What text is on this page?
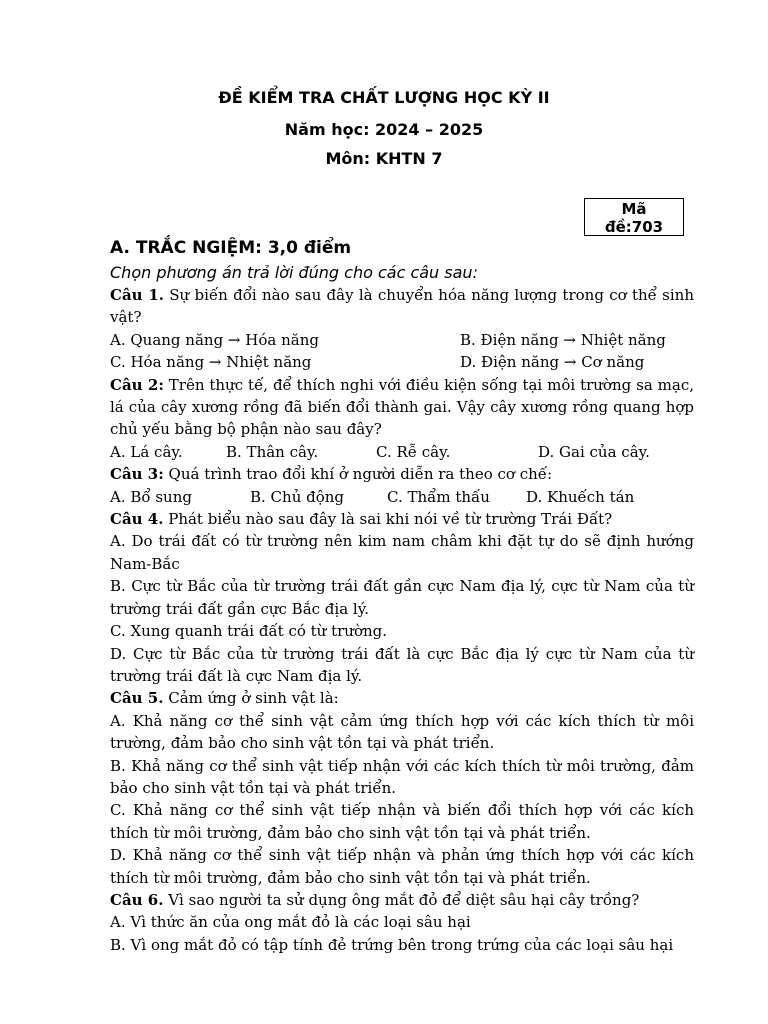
ĐỀ KIỂM TRA CHẤT LƯỢNG HỌC KỲ II
Năm học: 2024 – 2025
Môn: KHTN 7
Mã
đề:703
A. TRẮC NGIỆM: 3,0 điểm
Chọn phương án trả lời đúng cho các câu sau:

Câu 1. Sự biến đổi nào sau đây là chuyển hóa năng lượng trong cơ thể sinh vật?

A. Quang năng → Hóa năng	B. Điện năng → Nhiệt năng
C. Hóa năng → Nhiệt năng	D. Điện năng → Cơ năng

Câu 2: Trên thực tế, để thích nghi với điều kiện sống tại môi trường sa mạc, lá của cây xương rồng đã biến đổi thành gai. Vậy cây xương rồng quang hợp chủ yếu bằng bộ phận nào sau đây?

A. Lá cây.	B. Thân cây.	C. Rễ cây.	D. Gai của cây.

Câu 3: Quá trình trao đổi khí ở người diễn ra theo cơ chế:

A. Bổ sung	B. Chủ động	C. Thẩm thấu	D. Khuếch tán

Câu 4. Phát biểu nào sau đây là sai khi nói về từ trường Trái Đất?

A. Do trái đất có từ trường nên kim nam châm khi đặt tự do sẽ định hướng Nam-Bắc

B. Cực từ Bắc của từ trường trái đất gần cực Nam địa lý, cực từ Nam của từ trường trái đất gần cực Bắc địa lý.

C. Xung quanh trái đất có từ trường.

D. Cực từ Bắc của từ trường trái đất là cực Bắc địa lý cực từ Nam của từ trường trái đất là cực Nam địa lý.

Câu 5. Cảm ứng ở sinh vật là:

A. Khả năng cơ thể sinh vật cảm ứng thích hợp với các kích thích từ môi trường, đảm bảo cho sinh vật tồn tại và phát triển.

B. Khả năng cơ thể sinh vật tiếp nhận với các kích thích từ môi trường, đảm bảo cho sinh vật tồn tại và phát triển.

C. Khả năng cơ thể sinh vật tiếp nhận và biến đổi thích hợp với các kích thích từ môi trường, đảm bảo cho sinh vật tồn tại và phát triển.

D. Khả năng cơ thể sinh vật tiếp nhận và phản ứng thích hợp với các kích thích từ môi trường, đảm bảo cho sinh vật tồn tại và phát triển.

Câu 6. Vì sao người ta sử dụng ông mắt đỏ để diệt sâu hại cây trồng?

A. Vì thức ăn của ong mắt đỏ là các loại sâu hại

B. Vì ong mắt đỏ có tập tính đẻ trứng bên trong trứng của các loại sâu hại
